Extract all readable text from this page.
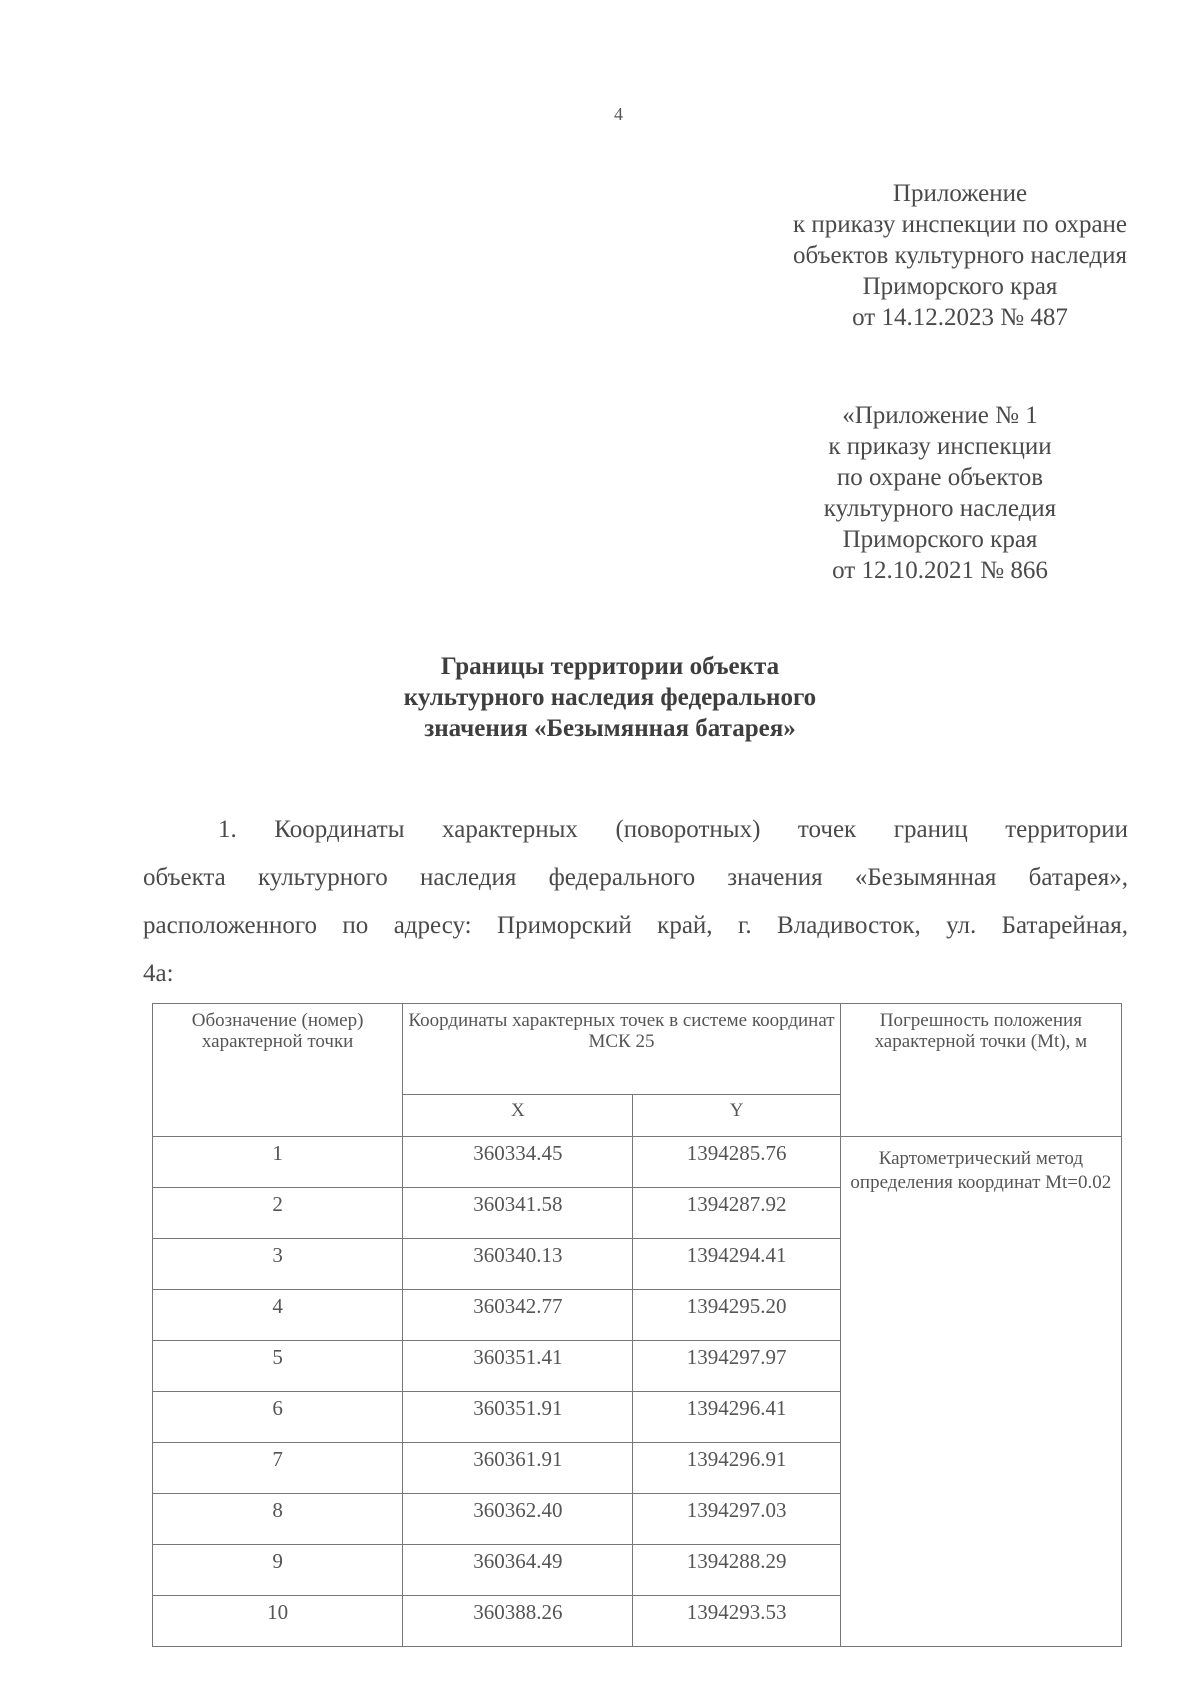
4
Приложение
к приказу инспекции по охране
объектов культурного наследия
Приморского края
от 14.12.2023 № 487
«Приложение № 1
к приказу инспекции
по охране объектов
культурного наследия
Приморского края
от 12.10.2021 № 866
Границы территории объекта
культурного наследия федерального
значения «Безымянная батарея»
1. Координаты характерных (поворотных) точек границ территории
объекта культурного наследия федерального значения «Безымянная батарея»,
расположенного по адресу: Приморский край, г. Владивосток, ул. Батарейная,
4а:
Обозначение (номер) характерной точки	Координаты характерных точек в системе координат МСК 25		Погрешность положения характерной точки (Mt), м
	X	Y	
1	360334.45	1394285.76	Картометрический метод определения координат Mt=0.02
2	360341.58	1394287.92	
3	360340.13	1394294.41	
4	360342.77	1394295.20	
5	360351.41	1394297.97	
6	360351.91	1394296.41	
7	360361.91	1394296.91	
8	360362.40	1394297.03	
9	360364.49	1394288.29	
10	360388.26	1394293.53	
